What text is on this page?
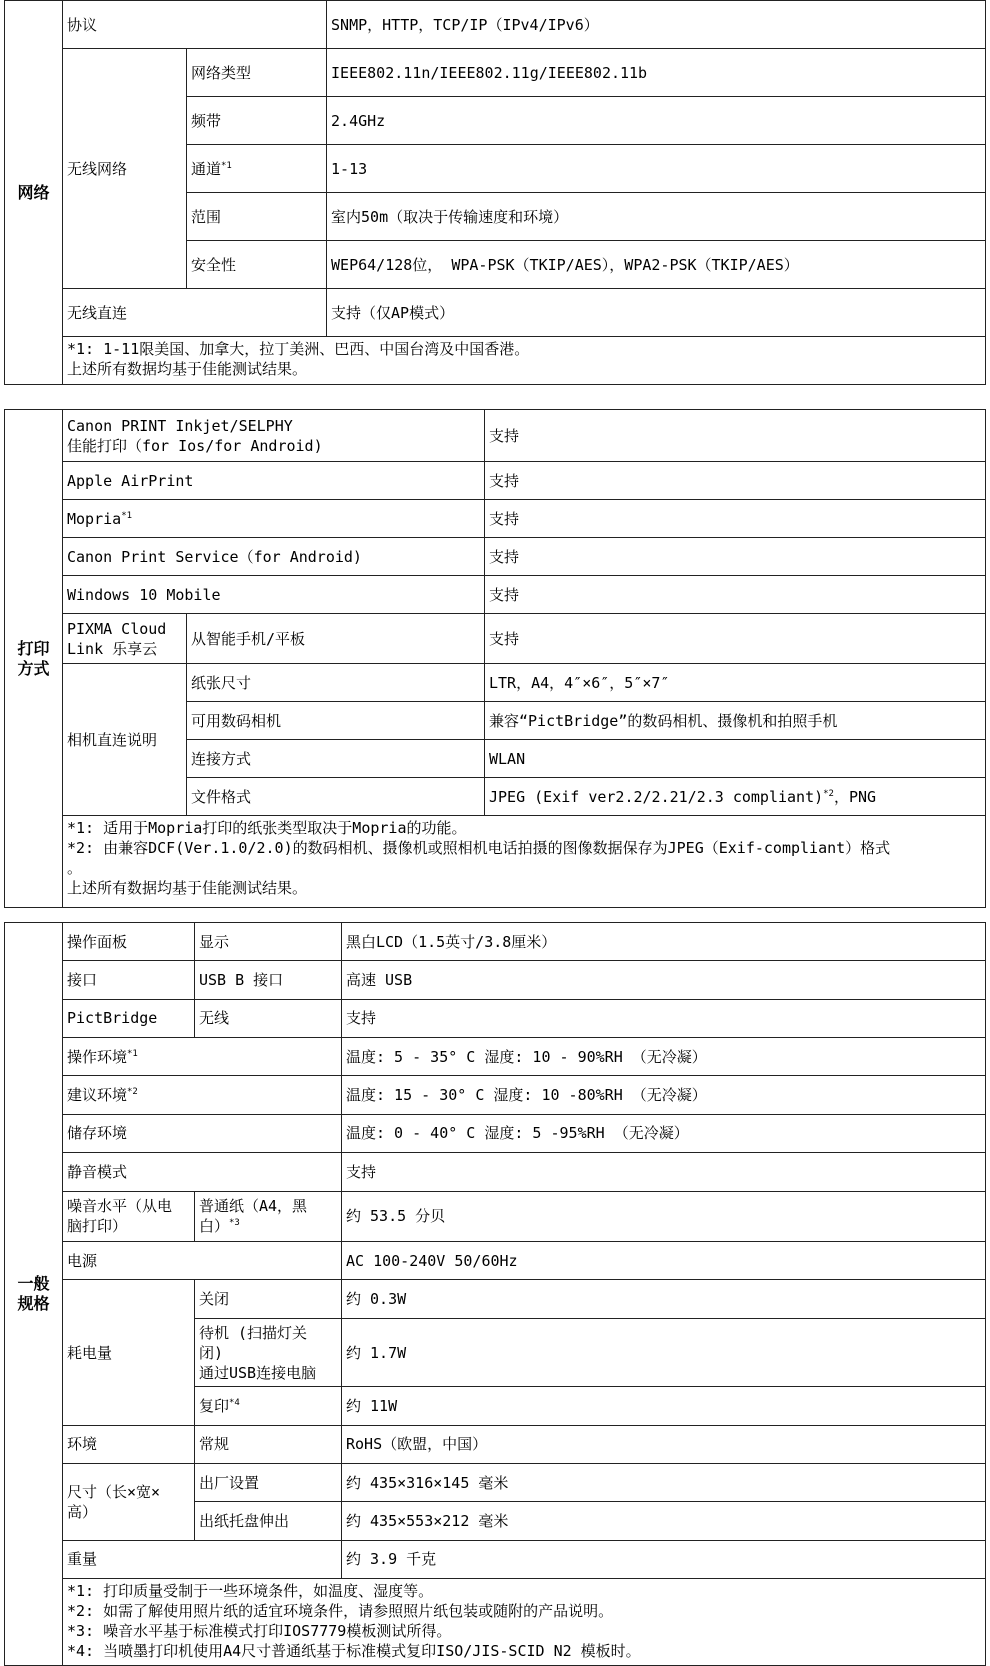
网络	协议		SNMP，HTTP，TCP/IP（IPv4/IPv6）
	无线网络	网络类型	IEEE802.11n/IEEE802.11g/IEEE802.11b
		频带	2.4GHz
		通道$^{*1}$	1-13
		范围	室内50m（取决于传输速度和环境）
		安全性	WEP64/128位， WPA-PSK（TKIP/AES），WPA2-PSK（TKIP/AES）
	无线直连		支持（仅AP模式）
	*1: 1-11限美国、加拿大，拉丁美洲、巴西、中国台湾及中国香港。
上述所有数据均基于佳能测试结果。		
打印
方式	Canon PRINT Inkjet/SELPHY
佳能打印（for Ios/for Android)		支持
	Apple AirPrint		支持
	Mopria$^{*1}$		支持
	Canon Print Service（for Android)		支持
	Windows 10 Mobile		支持
	PIXMA Cloud
Link 乐享云	从智能手机/平板	支持
	相机直连说明	纸张尺寸	LTR，A4，4″×6″，5″×7″
		可用数码相机	兼容“PictBridge”的数码相机、摄像机和拍照手机
		连接方式	WLAN
		文件格式	JPEG (Exif ver2.2/2.21/2.3 compliant)$^{*2}$，PNG
	*1: 适用于Mopria打印的纸张类型取决于Mopria的功能。
*2: 由兼容DCF(Ver.1.0/2.0)的数码相机、摄像机或照相机电话拍摄的图像数据保存为JPEG（Exif-compliant）格式
。
上述所有数据均基于佳能测试结果。		
一般
规格	操作面板	显示	黑白LCD（1.5英寸/3.8厘米）
	接口	USB B 接口	高速 USB
	PictBridge	无线	支持
	操作环境$^{*1}$		温度: 5 - 35° C 湿度: 10 - 90%RH （无冷凝）
	建议环境$^{*2}$		温度: 15 - 30° C 湿度: 10 -80%RH （无冷凝）
	储存环境		温度: 0 - 40° C 湿度: 5 -95%RH （无冷凝）
	静音模式		支持
	噪音水平（从电
脑打印）	普通纸（A4，黑
白）$^{*3}$	约 53.5 分贝
	电源		AC 100-240V 50/60Hz
	耗电量	关闭	约 0.3W
		待机 (扫描灯关
闭)
通过USB连接电脑	约 1.7W
		复印$^{*4}$	约 11W
	环境	常规	RoHS（欧盟，中国）
	尺寸（长×宽×
高）	出厂设置	约 435×316×145 毫米
		出纸托盘伸出	约 435×553×212 毫米
	重量		约 3.9 千克
	*1: 打印质量受制于一些环境条件，如温度、湿度等。
*2: 如需了解使用照片纸的适宜环境条件，请参照照片纸包装或随附的产品说明。
*3: 噪音水平基于标准模式打印IOS7779模板测试所得。
*4: 当喷墨打印机使用A4尺寸普通纸基于标准模式复印ISO/JIS-SCID N2 模板时。		
